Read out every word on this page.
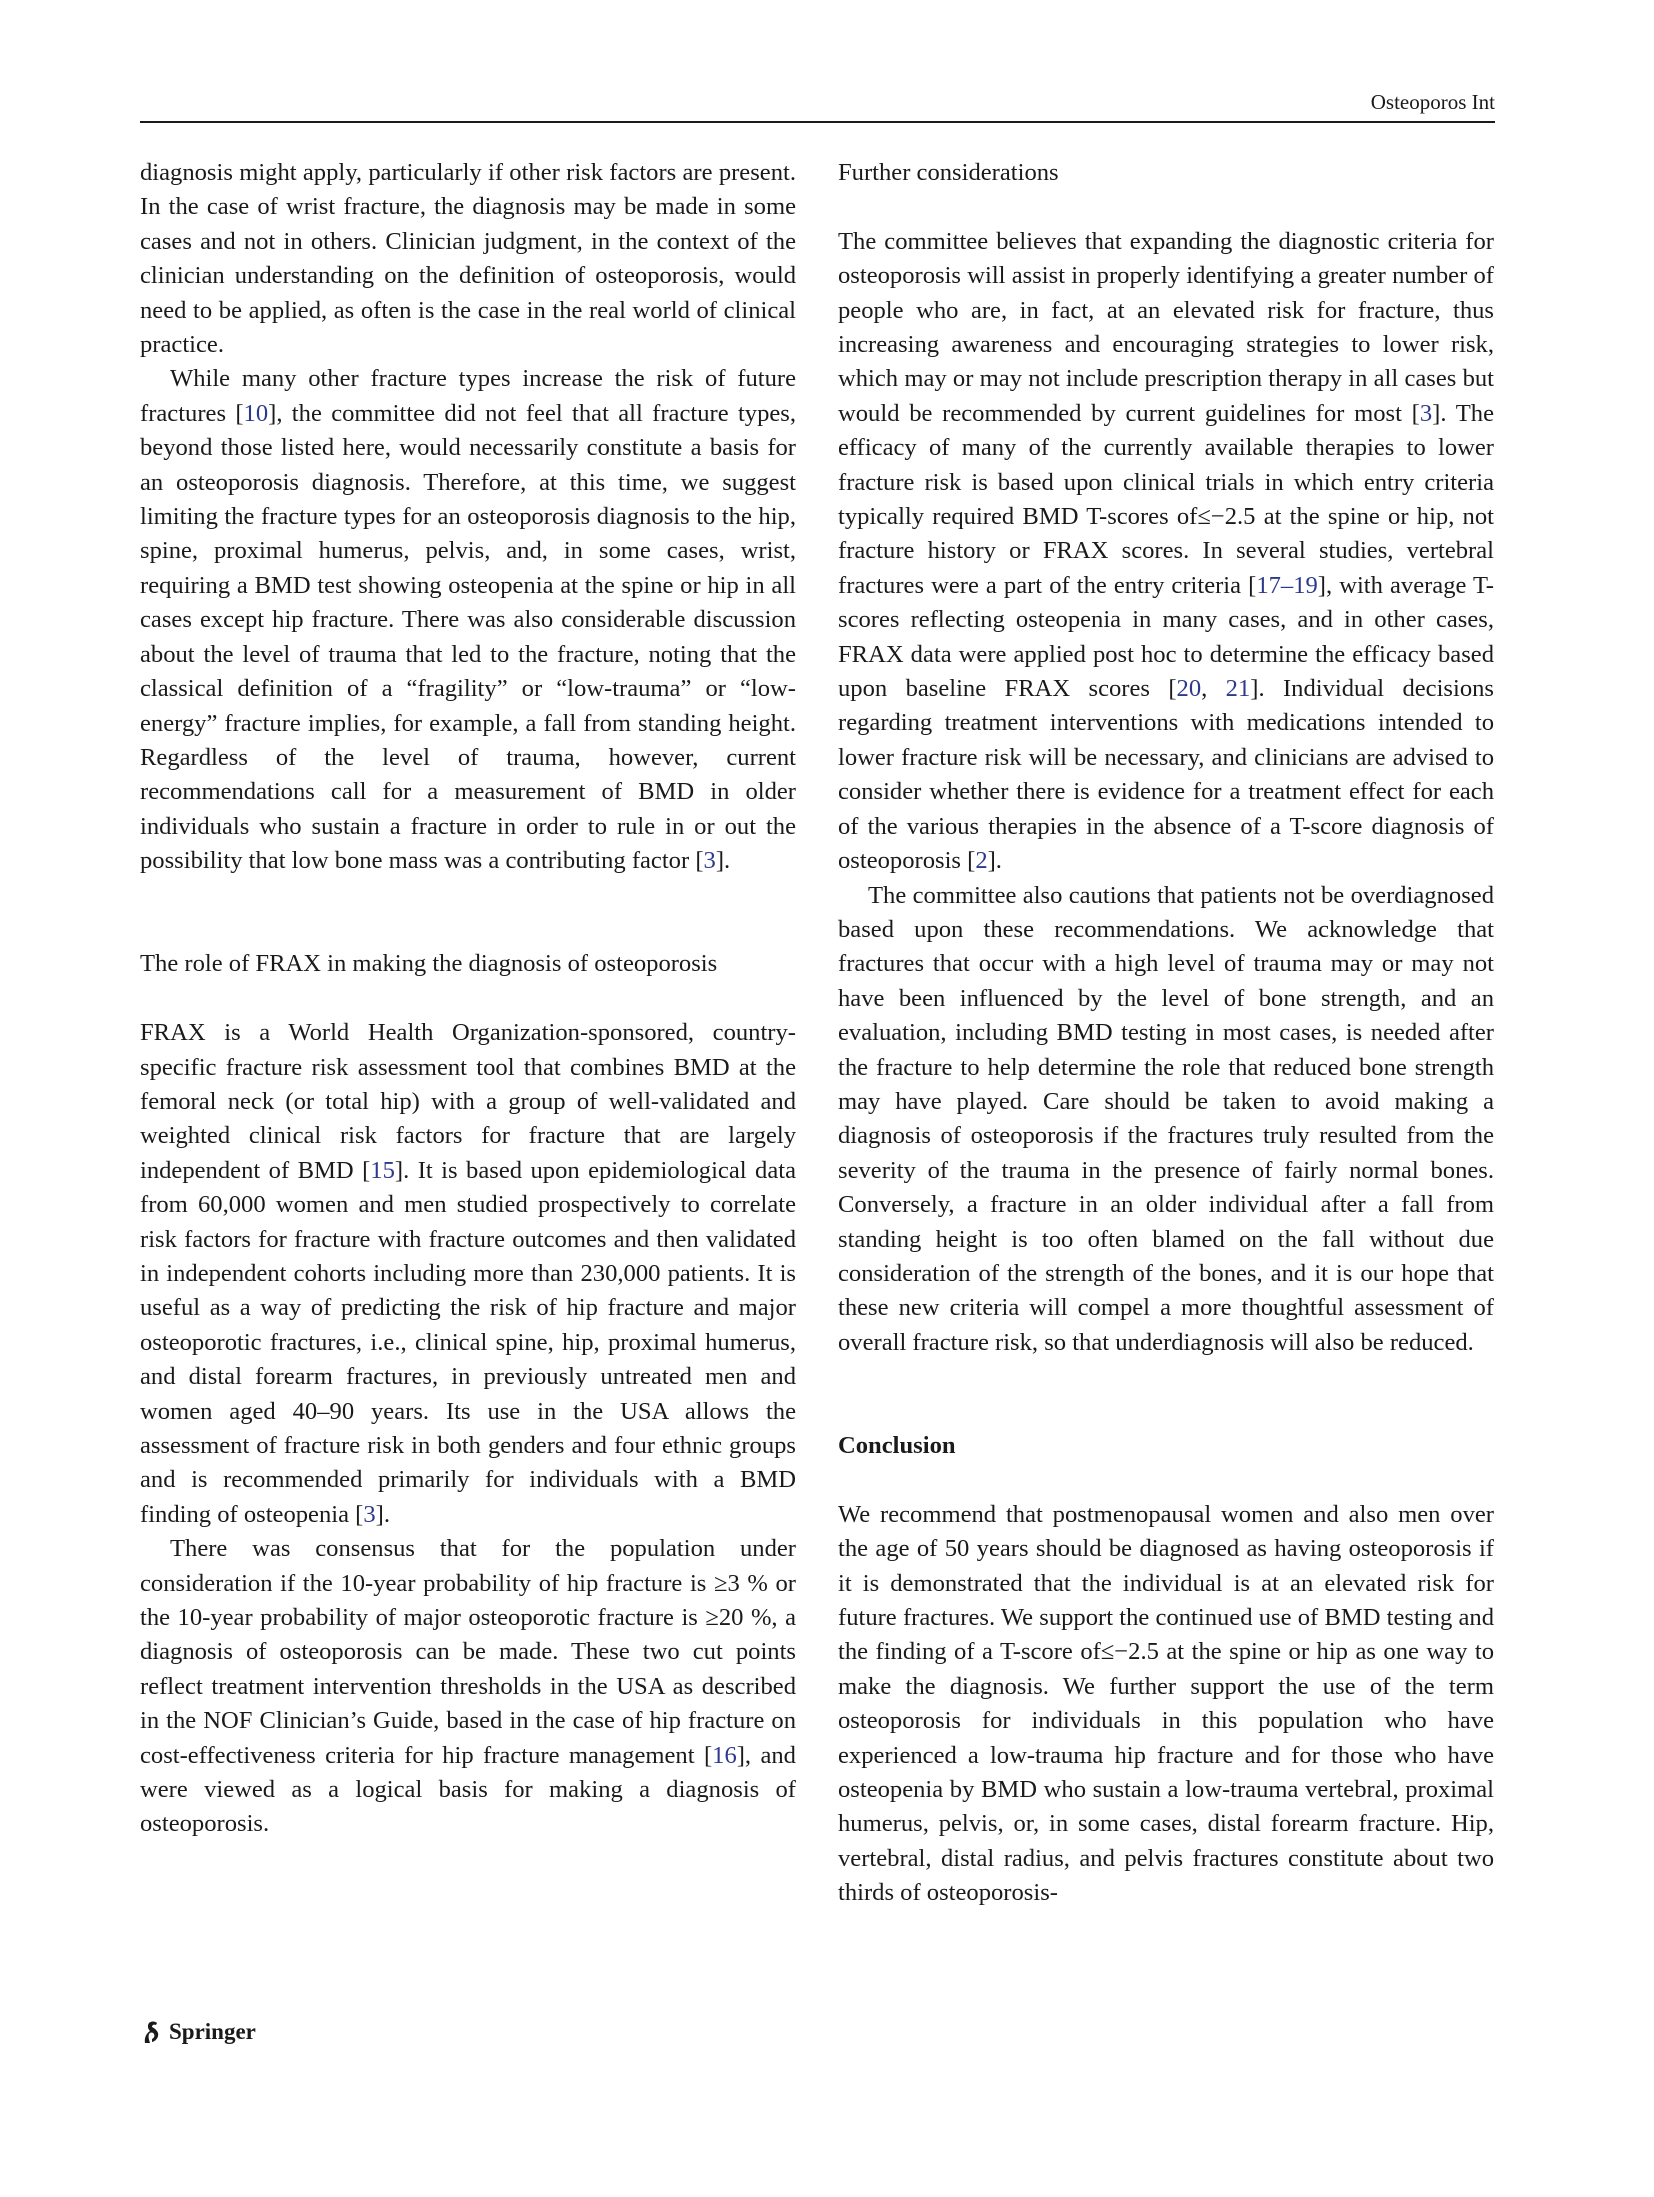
Osteoporos Int

diagnosis might apply, particularly if other risk factors are present. In the case of wrist fracture, the diagnosis may be made in some cases and not in others. Clinician judgment, in the context of the clinician understanding on the definition of osteoporosis, would need to be applied, as often is the case in the real world of clinical practice.

While many other fracture types increase the risk of future fractures [10], the committee did not feel that all fracture types, beyond those listed here, would necessarily constitute a basis for an osteoporosis diagnosis. Therefore, at this time, we suggest limiting the fracture types for an osteoporosis diagnosis to the hip, spine, proximal humerus, pelvis, and, in some cases, wrist, requiring a BMD test showing osteopenia at the spine or hip in all cases except hip fracture. There was also considerable discussion about the level of trauma that led to the fracture, noting that the classical definition of a “fragility” or “low-trauma” or “low-energy” fracture implies, for example, a fall from standing height. Regardless of the level of trauma, however, current recommendations call for a measurement of BMD in older individuals who sustain a fracture in order to rule in or out the possibility that low bone mass was a contributing factor [3].

The role of FRAX in making the diagnosis of osteoporosis

FRAX is a World Health Organization-sponsored, country-specific fracture risk assessment tool that combines BMD at the femoral neck (or total hip) with a group of well-validated and weighted clinical risk factors for fracture that are largely independent of BMD [15]. It is based upon epidemiological data from 60,000 women and men studied prospectively to correlate risk factors for fracture with fracture outcomes and then validated in independent cohorts including more than 230,000 patients. It is useful as a way of predicting the risk of hip fracture and major osteoporotic fractures, i.e., clinical spine, hip, proximal humerus, and distal forearm fractures, in previously untreated men and women aged 40–90 years. Its use in the USA allows the assessment of fracture risk in both genders and four ethnic groups and is recommended primarily for individuals with a BMD finding of osteopenia [3].

There was consensus that for the population under consideration if the 10-year probability of hip fracture is ≥3 % or the 10-year probability of major osteoporotic fracture is ≥20 %, a diagnosis of osteoporosis can be made. These two cut points reflect treatment intervention thresholds in the USA as described in the NOF Clinician’s Guide, based in the case of hip fracture on cost-effectiveness criteria for hip fracture management [16], and were viewed as a logical basis for making a diagnosis of osteoporosis.

Further considerations

The committee believes that expanding the diagnostic criteria for osteoporosis will assist in properly identifying a greater number of people who are, in fact, at an elevated risk for fracture, thus increasing awareness and encouraging strategies to lower risk, which may or may not include prescription therapy in all cases but would be recommended by current guidelines for most [3]. The efficacy of many of the currently available therapies to lower fracture risk is based upon clinical trials in which entry criteria typically required BMD T-scores of≤−2.5 at the spine or hip, not fracture history or FRAX scores. In several studies, vertebral fractures were a part of the entry criteria [17–19], with average T-scores reflecting osteopenia in many cases, and in other cases, FRAX data were applied post hoc to determine the efficacy based upon baseline FRAX scores [20, 21]. Individual decisions regarding treatment interventions with medications intended to lower fracture risk will be necessary, and clinicians are advised to consider whether there is evidence for a treatment effect for each of the various therapies in the absence of a T-score diagnosis of osteoporosis [2].

The committee also cautions that patients not be overdiagnosed based upon these recommendations. We acknowledge that fractures that occur with a high level of trauma may or may not have been influenced by the level of bone strength, and an evaluation, including BMD testing in most cases, is needed after the fracture to help determine the role that reduced bone strength may have played. Care should be taken to avoid making a diagnosis of osteoporosis if the fractures truly resulted from the severity of the trauma in the presence of fairly normal bones. Conversely, a fracture in an older individual after a fall from standing height is too often blamed on the fall without due consideration of the strength of the bones, and it is our hope that these new criteria will compel a more thoughtful assessment of overall fracture risk, so that underdiagnosis will also be reduced.

Conclusion

We recommend that postmenopausal women and also men over the age of 50 years should be diagnosed as having osteoporosis if it is demonstrated that the individual is at an elevated risk for future fractures. We support the continued use of BMD testing and the finding of a T-score of≤−2.5 at the spine or hip as one way to make the diagnosis. We further support the use of the term osteoporosis for individuals in this population who have experienced a low-trauma hip fracture and for those who have osteopenia by BMD who sustain a low-trauma vertebral, proximal humerus, pelvis, or, in some cases, distal forearm fracture. Hip, vertebral, distal radius, and pelvis fractures constitute about two thirds of osteoporosis-

Springer
